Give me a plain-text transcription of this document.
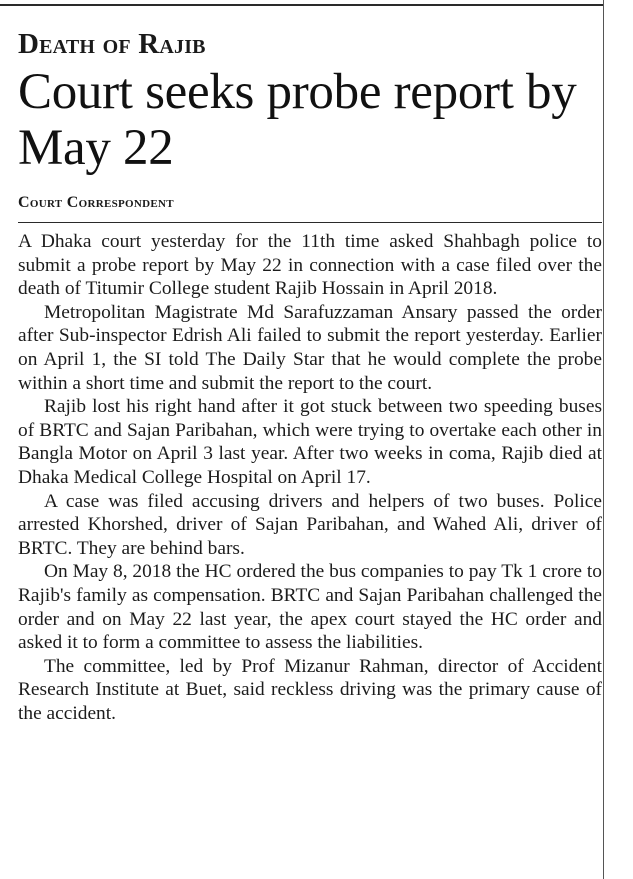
Death of Rajib
Court seeks probe report by May 22
Court Correspondent

A Dhaka court yesterday for the 11th time asked Shahbagh police to submit a probe report by May 22 in connection with a case filed over the death of Titumir College student Rajib Hossain in April 2018.

Metropolitan Magistrate Md Sarafuzzaman Ansary passed the order after Sub-inspector Edrish Ali failed to submit the report yesterday. Earlier on April 1, the SI told The Daily Star that he would complete the probe within a short time and submit the report to the court.

Rajib lost his right hand after it got stuck between two speeding buses of BRTC and Sajan Paribahan, which were trying to overtake each other in Bangla Motor on April 3 last year. After two weeks in coma, Rajib died at Dhaka Medical College Hospital on April 17.

A case was filed accusing drivers and helpers of two buses. Police arrested Khorshed, driver of Sajan Paribahan, and Wahed Ali, driver of BRTC. They are behind bars.

On May 8, 2018 the HC ordered the bus companies to pay Tk 1 crore to Rajib's family as compensation. BRTC and Sajan Paribahan challenged the order and on May 22 last year, the apex court stayed the HC order and asked it to form a committee to assess the liabilities.

The committee, led by Prof Mizanur Rahman, director of Accident Research Institute at Buet, said reckless driving was the primary cause of the accident.
